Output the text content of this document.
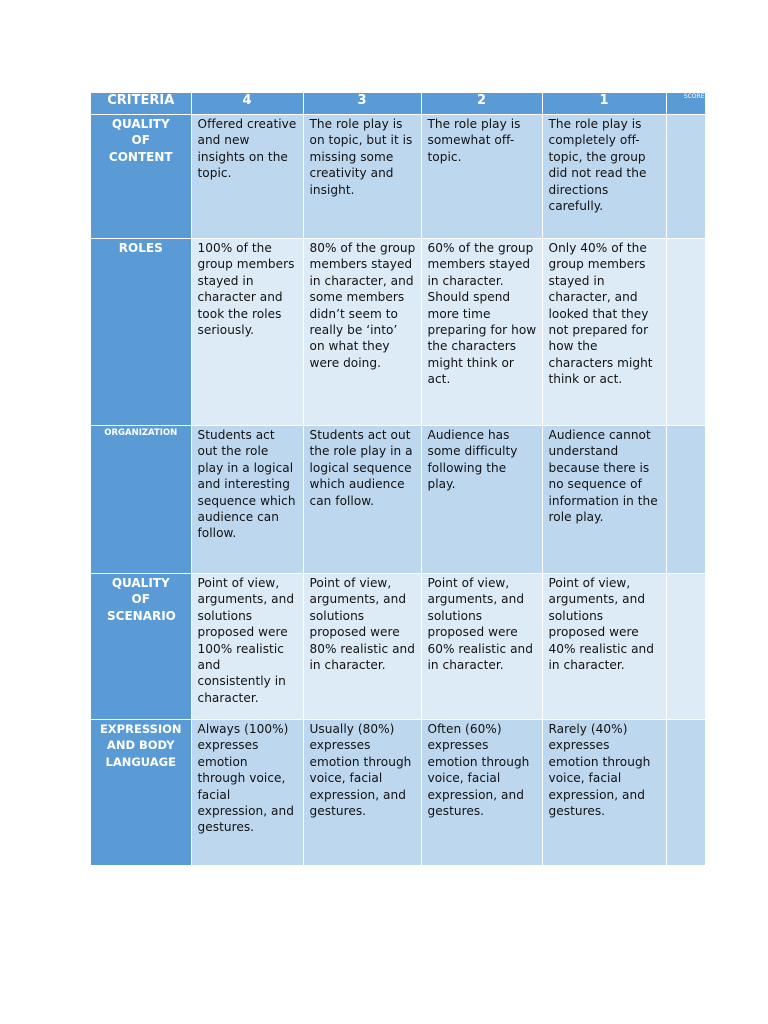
CRITERIA	4	3	2	1	SCORE
QUALITY OF CONTENT	Offered creative and new insights on the topic.	The role play is on topic, but it is missing some creativity and insight.	The role play is somewhat off-topic.	The role play is completely off-topic, the group did not read the directions carefully.	
ROLES	100% of the group members stayed in character and took the roles seriously.	80% of the group members stayed in character, and some members didn’t seem to really be ‘into’ on what they were doing.	60% of the group members stayed in character. Should spend more time preparing for how the characters might think or act.	Only 40% of the group members stayed in character, and looked that they not prepared for how the characters might think or act.	
ORGANIZATION	Students act out the role play in a logical and interesting sequence which audience can follow.	Students act out the role play in a logical sequence which audience can follow.	Audience has some difficulty following the play.	Audience cannot understand because there is no sequence of information in the role play.	
QUALITY OF SCENARIO	Point of view, arguments, and solutions proposed were 100% realistic and consistently in character.	Point of view, arguments, and solutions proposed were 80% realistic and in character.	Point of view, arguments, and solutions proposed were 60% realistic and in character.	Point of view, arguments, and solutions proposed were 40% realistic and in character.	
EXPRESSION AND BODY LANGUAGE	Always (100%) expresses emotion through voice, facial expression, and gestures.	Usually (80%) expresses emotion through voice, facial expression, and gestures.	Often (60%) expresses emotion through voice, facial expression, and gestures.	Rarely (40%) expresses emotion through voice, facial expression, and gestures.	
